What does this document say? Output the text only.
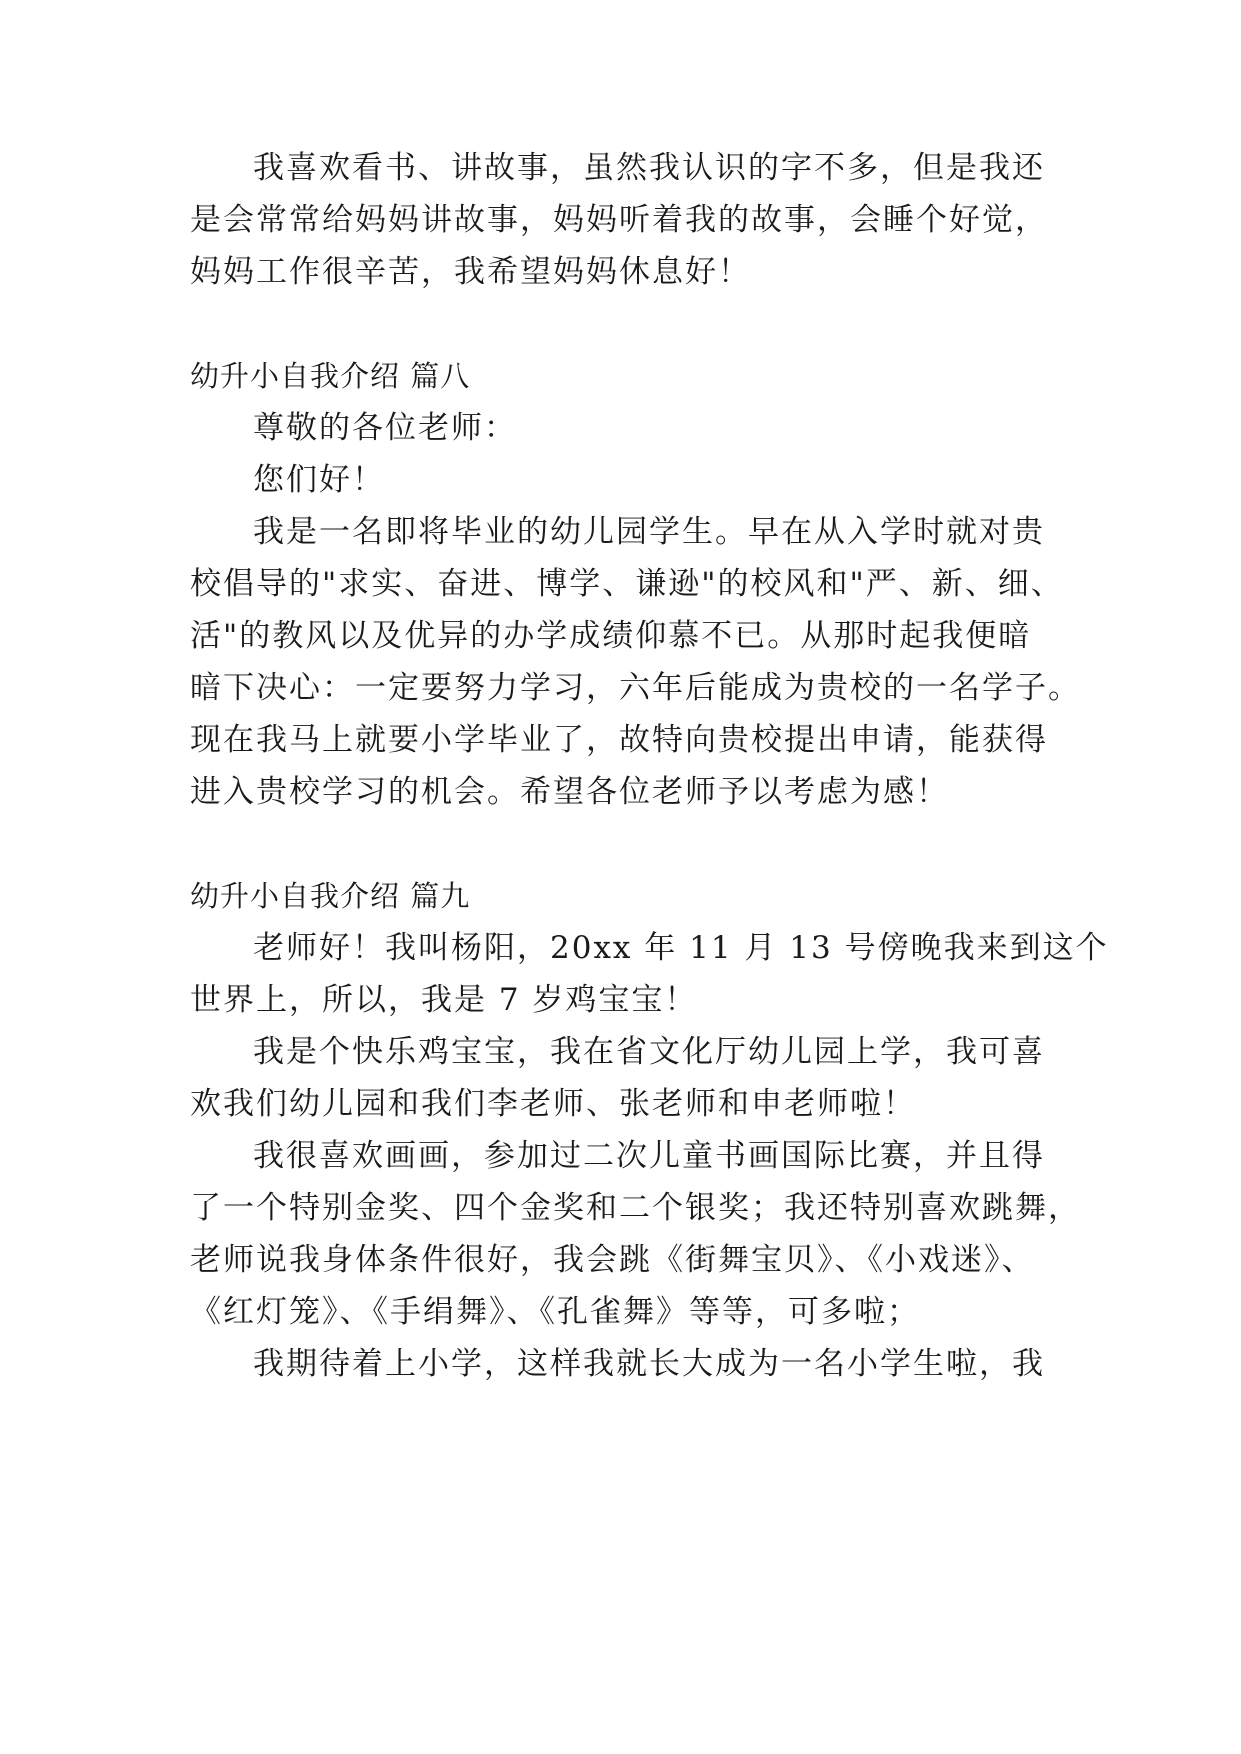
我喜欢看书、讲故事，虽然我认识的字不多，但是我还
是会常常给妈妈讲故事，妈妈听着我的故事，会睡个好觉，
妈妈工作很辛苦，我希望妈妈休息好！
幼升小自我介绍 篇八
尊敬的各位老师：
您们好！
我是一名即将毕业的幼儿园学生。早在从入学时就对贵
校倡导的"求实、奋进、博学、谦逊"的校风和"严、新、细、
活"的教风以及优异的办学成绩仰慕不已。从那时起我便暗
暗下决心：一定要努力学习，六年后能成为贵校的一名学子。
现在我马上就要小学毕业了，故特向贵校提出申请，能获得
进入贵校学习的机会。希望各位老师予以考虑为感！
幼升小自我介绍 篇九
老师好！我叫杨阳，20xx 年 11 月 13 号傍晚我来到这个
世界上，所以，我是 7 岁鸡宝宝！
我是个快乐鸡宝宝，我在省文化厅幼儿园上学，我可喜
欢我们幼儿园和我们李老师、张老师和申老师啦！
我很喜欢画画，参加过二次儿童书画国际比赛，并且得
了一个特别金奖、四个金奖和二个银奖；我还特别喜欢跳舞，
老师说我身体条件很好，我会跳《街舞宝贝》、《小戏迷》、
《红灯笼》、《手绢舞》、《孔雀舞》等等，可多啦；
我期待着上小学，这样我就长大成为一名小学生啦，我
